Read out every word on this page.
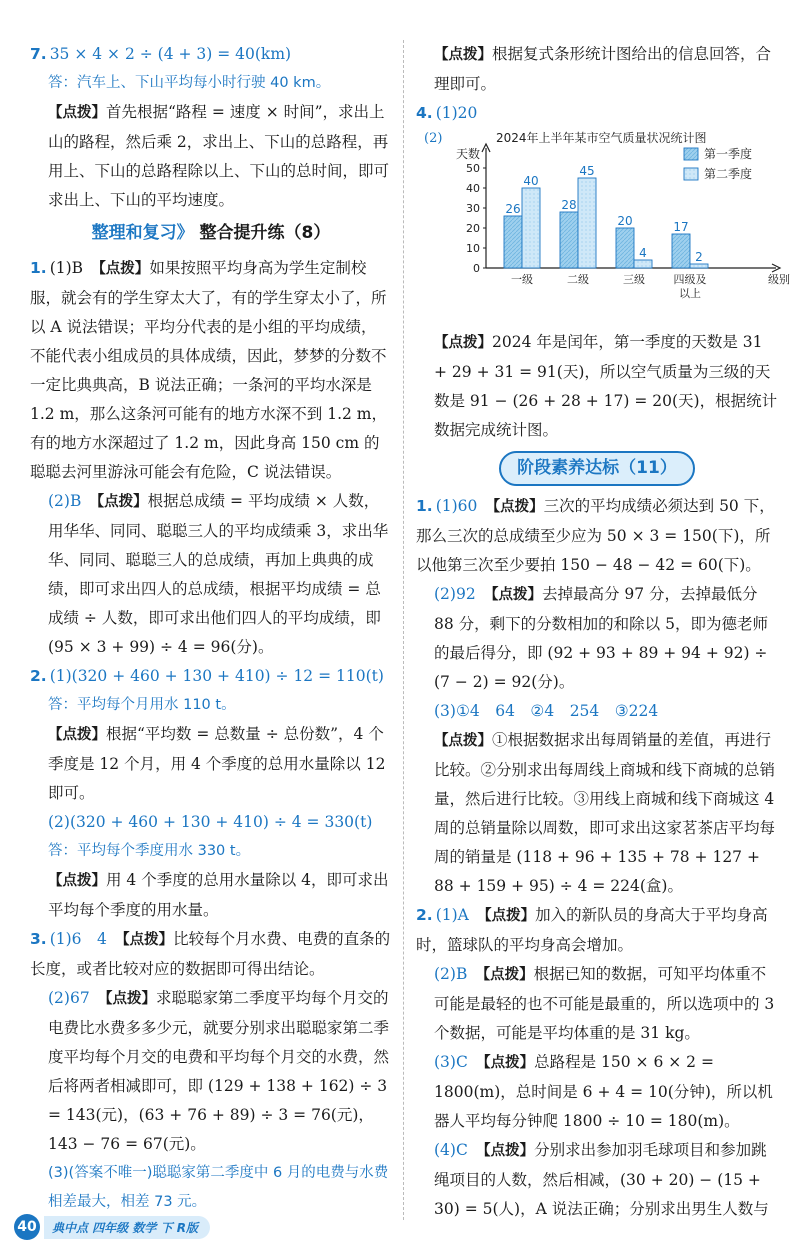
7. 35 × 4 × 2 ÷ (4 + 3) = 40(km)

答：汽车上、下山平均每小时行驶 40 km。

【点拨】首先根据“路程 = 速度 × 时间”，求出上山的路程，然后乘 2，求出上、下山的总路程，再用上、下山的总路程除以上、下山的总时间，即可求出上、下山的平均速度。

整理和复习》 整合提升练（8）

1. (1)B　 【点拨】如果按照平均身高为学生定制校服，就会有的学生穿太大了，有的学生穿太小了，所以 A 说法错误；平均分代表的是小组的平均成绩，不能代表小组成员的具体成绩，因此，梦梦的分数不一定比典典高，B 说法正确；一条河的平均水深是 1.2 m，那么这条河可能有的地方水深不到 1.2 m，有的地方水深超过了 1.2 m，因此身高 150 cm 的聪聪去河里游泳可能会有危险，C 说法错误。

(2)B　 【点拨】根据总成绩 = 平均成绩 × 人数，用华华、同同、聪聪三人的平均成绩乘 3，求出华华、同同、聪聪三人的总成绩，再加上典典的成绩，即可求出四人的总成绩，根据平均成绩 = 总成绩 ÷ 人数，即可求出他们四人的平均成绩，即 (95 × 3 + 99) ÷ 4 = 96(分)。

2. (1)(320 + 460 + 130 + 410) ÷ 12 = 110(t)

答：平均每个月用水 110 t。

【点拨】根据“平均数 = 总数量 ÷ 总份数”，4 个季度是 12 个月，用 4 个季度的总用水量除以 12 即可。

(2)(320 + 460 + 130 + 410) ÷ 4 = 330(t)

答：平均每个季度用水 330 t。

【点拨】用 4 个季度的总用水量除以 4，即可求出平均每个季度的用水量。

3. (1)6　4　 【点拨】比较每个月水费、电费的直条的长度，或者比较对应的数据即可得出结论。

(2)67　 【点拨】求聪聪家第二季度平均每个月交的电费比水费多多少元，就要分别求出聪聪家第二季度平均每个月交的电费和平均每个月交的水费，然后将两者相减即可，即 (129 + 138 + 162) ÷ 3 = 143(元)，(63 + 76 + 89) ÷ 3 = 76(元)，143 − 76 = 67(元)。

(3)(答案不唯一)聪聪家第二季度中 6 月的电费与水费相差最大，相差 73 元。

【点拨】根据复式条形统计图给出的信息回答，合理即可。

4. (1)20

2024年上半年某市空气质量状况统计图
(2)
天数
0
10
20
30
40
50
26
40
一级
28
45
二级
20
4
三级
17
2
四级及
以上
级别
第一季度
第二季度

【点拨】2024 年是闰年，第一季度的天数是 31 + 29 + 31 = 91(天)，所以空气质量为三级的天数是 91 − (26 + 28 + 17) = 20(天)，根据统计数据完成统计图。

阶段素养达标（11）

1. (1)60　 【点拨】三次的平均成绩必须达到 50 下，那么三次的总成绩至少应为 50 × 3 = 150(下)，所以他第三次至少要拍 150 − 48 − 42 = 60(下)。

(2)92　 【点拨】去掉最高分 97 分，去掉最低分 88 分，剩下的分数相加的和除以 5，即为德老师的最后得分，即 (92 + 93 + 89 + 94 + 92) ÷ (7 − 2) = 92(分)。

(3)①4　64　②4　254　③224

【点拨】①根据数据求出每周销量的差值，再进行比较。②分别求出每周线上商城和线下商城的总销量，然后进行比较。③用线上商城和线下商城这 4 周的总销量除以周数，即可求出这家茗茶店平均每周的销量是 (118 + 96 + 135 + 78 + 127 + 88 + 159 + 95) ÷ 4 = 224(盒)。

2. (1)A　 【点拨】加入的新队员的身高大于平均身高时，篮球队的平均身高会增加。

(2)B　 【点拨】根据已知的数据，可知平均体重不可能是最轻的也不可能是最重的，所以选项中的 3 个数据，可能是平均体重的是 31 kg。

(3)C　 【点拨】总路程是 150 × 6 × 2 = 1800(m)，总时间是 6 + 4 = 10(分钟)，所以机器人平均每分钟爬 1800 ÷ 10 = 180(m)。

(4)C　 【点拨】分别求出参加羽毛球项目和参加跳绳项目的人数，然后相减，(30 + 20) − (15 + 30) = 5(人)，A 说法正确；分别求出男生人数与

40	典中点 四年级 数学 下 R版
